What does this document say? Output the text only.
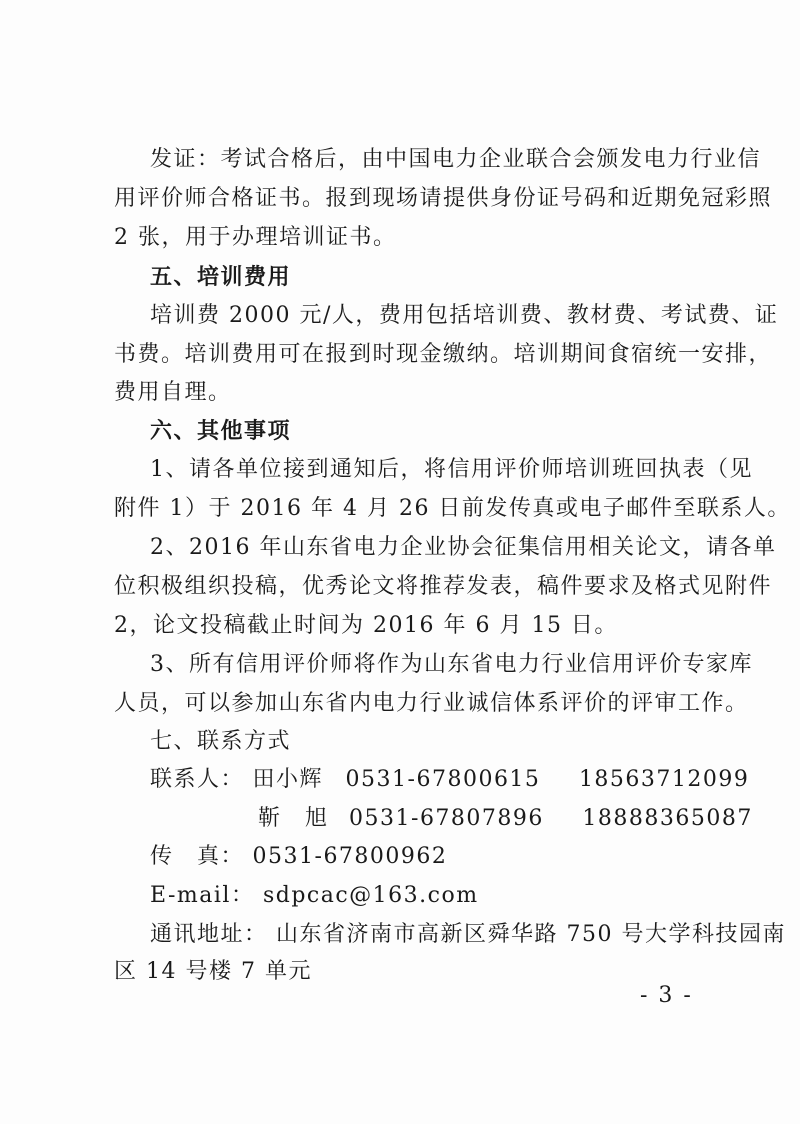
发证：考试合格后，由中国电力企业联合会颁发电力行业信
用评价师合格证书。报到现场请提供身份证号码和近期免冠彩照
2 张，用于办理培训证书。
五、培训费用
培训费 2000 元/人，费用包括培训费、教材费、考试费、证
书费。培训费用可在报到时现金缴纳。培训期间食宿统一安排，
费用自理。
六、其他事项
1、请各单位接到通知后，将信用评价师培训班回执表（见
附件 1）于 2016 年 4 月 26 日前发传真或电子邮件至联系人。
2、2016 年山东省电力企业协会征集信用相关论文，请各单
位积极组织投稿，优秀论文将推荐发表，稿件要求及格式见附件
2，论文投稿截止时间为 2016 年 6 月 15 日。
3、所有信用评价师将作为山东省电力行业信用评价专家库
人员，可以参加山东省内电力行业诚信体系评价的评审工作。
七、联系方式
联系人： 田小辉 0531-67800615 18563712099
靳　旭 0531-67807896 18888365087
传　真： 0531-67800962
E-mail： sdpcac@163.com
通讯地址： 山东省济南市高新区舜华路 750 号大学科技园南
区 14 号楼 7 单元
- 3 -
